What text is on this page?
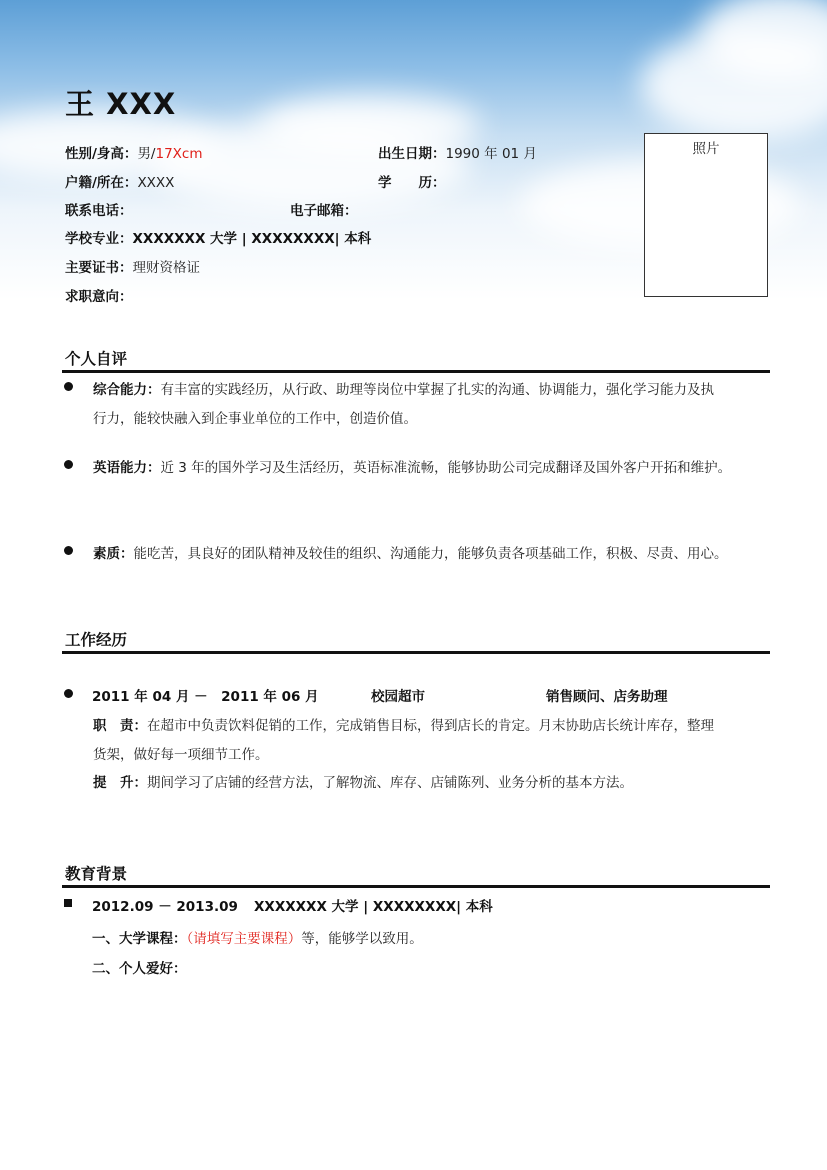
王 XXX
性别/身高：男/17Xcm	出生日期：1990 年 01 月
户籍/所在：XXXX	学　　历：
联系电话：	电子邮箱：
学校专业：XXXXXXX 大学 | XXXXXXXX| 本科
主要证书：理财资格证
求职意向：
照片
个人自评
综合能力：有丰富的实践经历，从行政、助理等岗位中掌握了扎实的沟通、协调能力，强化学习能力及执
行力，能较快融入到企事业单位的工作中，创造价值。
英语能力：近 3 年的国外学习及生活经历，英语标准流畅，能够协助公司完成翻译及国外客户开拓和维护。
素质：能吃苦，具良好的团队精神及较佳的组织、沟通能力，能够负责各项基础工作，积极、尽责、用心。
工作经历
2011 年 04 月 －　2011 年 06 月	校园超市	销售顾问、店务助理
职　责：在超市中负责饮料促销的工作，完成销售目标，得到店长的肯定。月末协助店长统计库存，整理
货架，做好每一项细节工作。
提　升：期间学习了店铺的经营方法，了解物流、库存、店铺陈列、业务分析的基本方法。
教育背景
2012.09 － 2013.09 XXXXXXX 大学 | XXXXXXXX| 本科
一、大学课程：（请填写主要课程）等，能够学以致用。
二、个人爱好：
